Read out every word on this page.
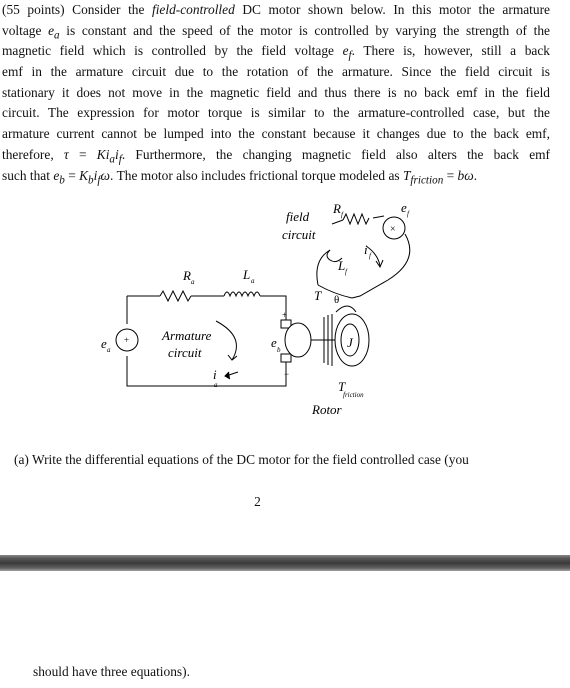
(55 points) Consider the field-controlled DC motor shown below. In this motor the armature
voltage $e_a$ is constant and the speed of the motor is controlled by varying the strength of the
magnetic field which is controlled by the field voltage $e_f$. There is, however, still a back
emf in the armature circuit due to the rotation of the armature. Since the field circuit is
stationary it does not move in the magnetic field and thus there is no back emf in the field
circuit. The expression for motor torque is similar to the armature-controlled case, but the
armature current cannot be lumped into the constant because it changes due to the back emf,
therefore, $\tau = Ki_ai_f$. Furthermore, the changing magnetic field also alters the back emf
such that $e_b = K_bi_f\omega$. The motor also includes frictional torque modeled as $T_{friction} = b\omega$.
+
+
−
×
e a
R a	L a
Armature
circuit
i
a
e b
T θ
J
T
friction
Rotor
field
circuit
R f	e f
L f
i f
(a) Write the differential equations of the DC motor for the field controlled case (you
2
should have three equations).
